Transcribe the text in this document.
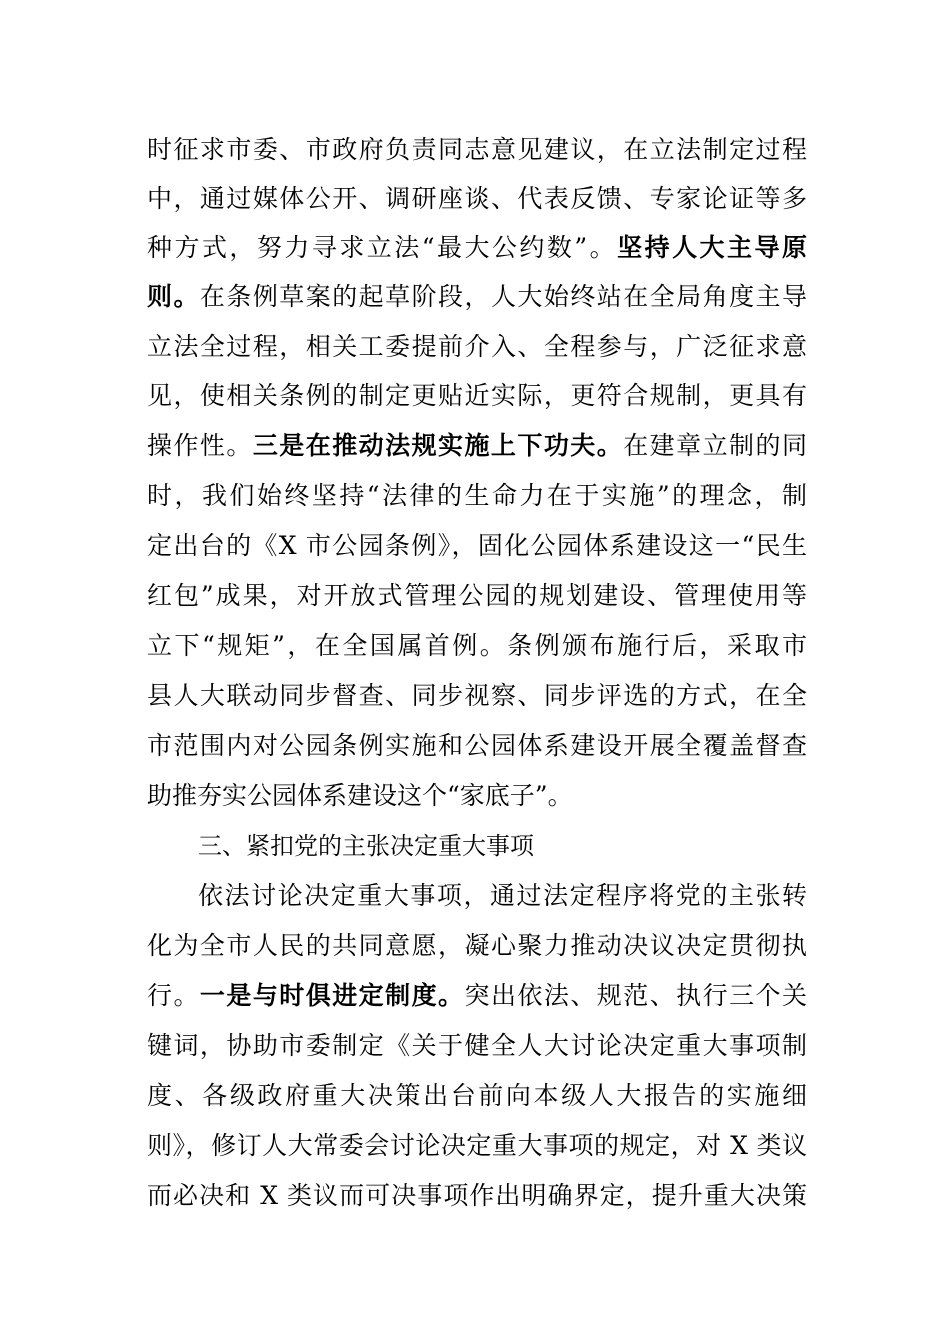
时征求市委、市政府负责同志意见建议，在立法制定过程
中，通过媒体公开、调研座谈、代表反馈、专家论证等多
种方式，努力寻求立法“最大公约数”。坚持人大主导原
则。在条例草案的起草阶段，人大始终站在全局角度主导
立法全过程，相关工委提前介入、全程参与，广泛征求意
见，使相关条例的制定更贴近实际，更符合规制，更具有
操作性。三是在推动法规实施上下功夫。在建章立制的同
时，我们始终坚持“法律的生命力在于实施”的理念，制
定出台的《X 市公园条例》，固化公园体系建设这一“民生
红包”成果，对开放式管理公园的规划建设、管理使用等
立下“规矩”，在全国属首例。条例颁布施行后，采取市
县人大联动同步督查、同步视察、同步评选的方式，在全
市范围内对公园条例实施和公园体系建设开展全覆盖督查
助推夯实公园体系建设这个“家底子”。
三、紧扣党的主张决定重大事项
依法讨论决定重大事项，通过法定程序将党的主张转
化为全市人民的共同意愿，凝心聚力推动决议决定贯彻执
行。一是与时俱进定制度。突出依法、规范、执行三个关
键词，协助市委制定《关于健全人大讨论决定重大事项制
度、各级政府重大决策出台前向本级人大报告的实施细
则》，修订人大常委会讨论决定重大事项的规定，对 X 类议
而必决和 X 类议而可决事项作出明确界定，提升重大决策
